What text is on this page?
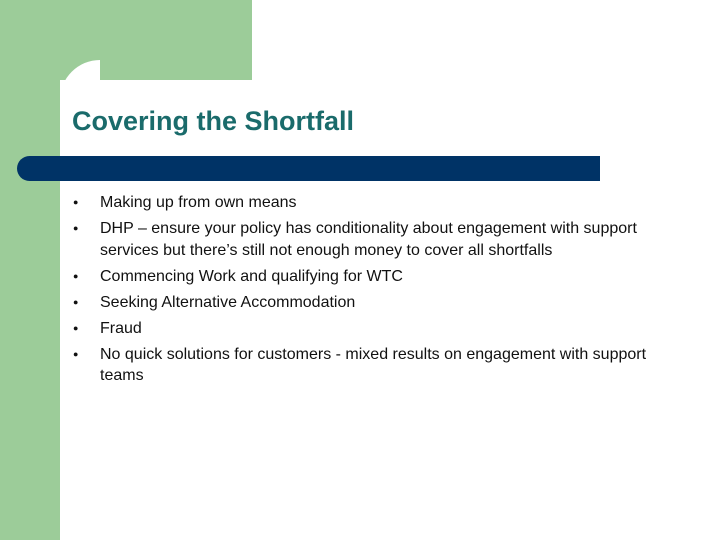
Covering the Shortfall
● Making up from own means
● DHP – ensure your policy has conditionality about engagement with support services but there’s still not enough money to cover all shortfalls
● Commencing Work and qualifying for WTC
● Seeking Alternative Accommodation
● Fraud
● No quick solutions for customers - mixed results on engagement with support teams
